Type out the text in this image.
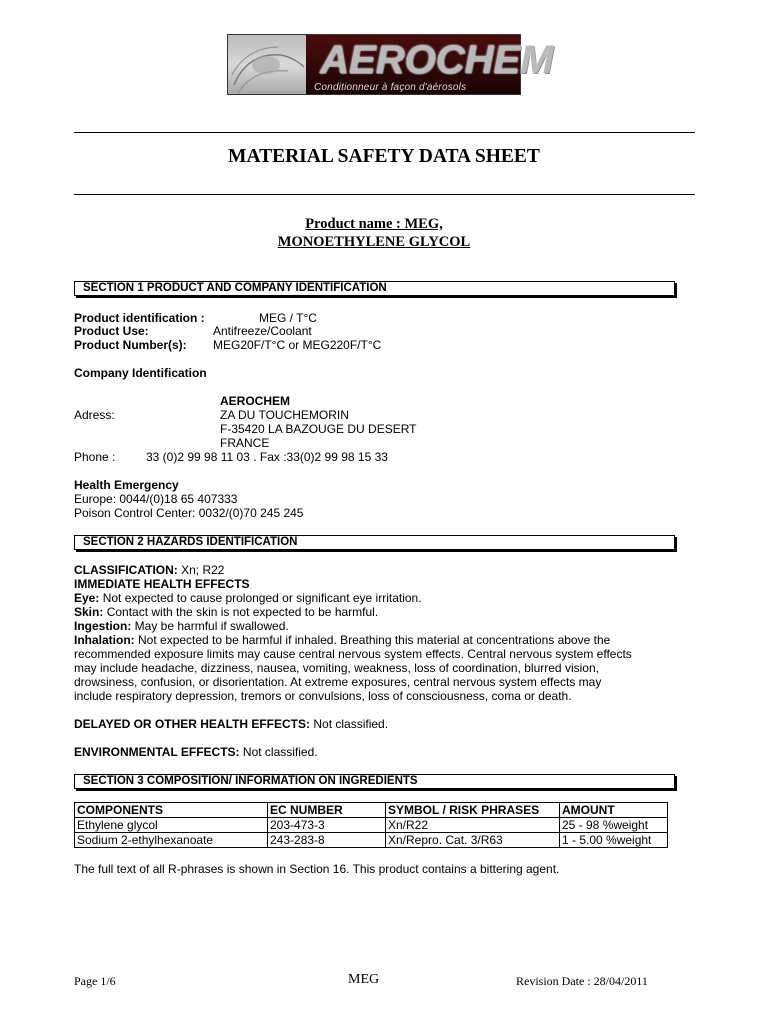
AEROCHEM
Conditionneur à façon d'aérosols
MATERIAL SAFETY DATA SHEET
Product name : MEG,
MONOETHYLENE GLYCOL
SECTION 1 PRODUCT AND COMPANY IDENTIFICATION
Product identification :	MEG / T°C
Product Use:	Antifreeze/Coolant
Product Number(s): MEG20F/T°C or MEG220F/T°C
Company Identification
AEROCHEM
Adress:	ZA DU TOUCHEMORIN
F-35420 LA BAZOUGE DU DESERT
FRANCE
Phone :	33 (0)2 99 98 11 03 . Fax :33(0)2 99 98 15 33
Health Emergency
Europe: 0044/(0)18 65 407333
Poison Control Center: 0032/(0)70 245 245
SECTION 2 HAZARDS IDENTIFICATION
CLASSIFICATION: Xn; R22
IMMEDIATE HEALTH EFFECTS
Eye: Not expected to cause prolonged or significant eye irritation.
Skin: Contact with the skin is not expected to be harmful.
Ingestion: May be harmful if swallowed.
Inhalation: Not expected to be harmful if inhaled. Breathing this material at concentrations above the
recommended exposure limits may cause central nervous system effects. Central nervous system effects
may include headache, dizziness, nausea, vomiting, weakness, loss of coordination, blurred vision,
drowsiness, confusion, or disorientation. At extreme exposures, central nervous system effects may
include respiratory depression, tremors or convulsions, loss of consciousness, coma or death.
DELAYED OR OTHER HEALTH EFFECTS: Not classified.
ENVIRONMENTAL EFFECTS: Not classified.
SECTION 3 COMPOSITION/ INFORMATION ON INGREDIENTS
COMPONENTS	EC NUMBER	SYMBOL / RISK PHRASES	AMOUNT
Ethylene glycol	203-473-3	Xn/R22	25 - 98 %weight
Sodium 2-ethylhexanoate	243-283-8	Xn/Repro. Cat. 3/R63	1 - 5.00 %weight
The full text of all R-phrases is shown in Section 16. This product contains a bittering agent.
Page 1/6	MEG	Revision Date : 28/04/2011
